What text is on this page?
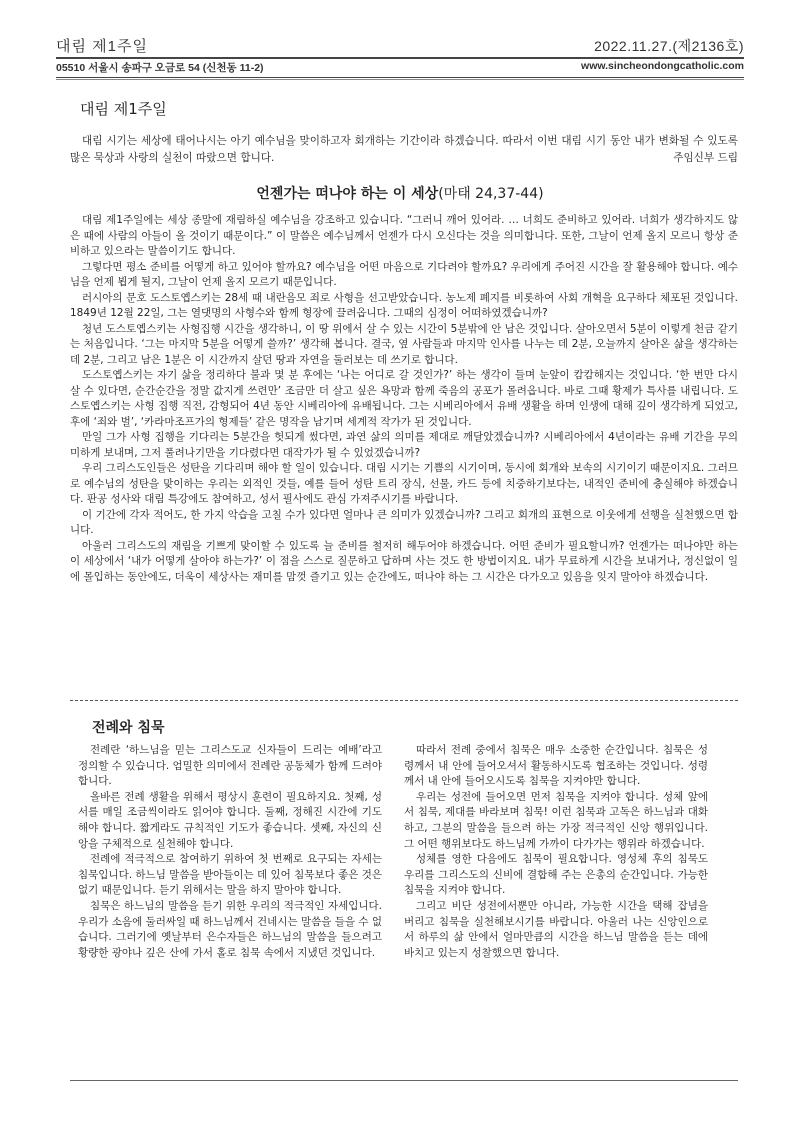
대림 제1주일	2022.11.27.(제2136호)
05510 서울시 송파구 오금로 54 (신천동 11-2)	www.sincheondongcatholic.com
대림 제1주일
대림 시기는 세상에 태어나시는 아기 예수님을 맞이하고자 회개하는 기간이라 하겠습니다. 따라서 이번 대림 시기 동안 내가 변화될 수 있도록 많은 묵상과 사랑의 실천이 따랐으면 합니다.	주임신부 드림
언젠가는 떠나야 하는 이 세상(마태 24,37-44)

대림 제1주일에는 세상 종말에 재림하실 예수님을 강조하고 있습니다. “그러니 깨어 있어라. … 너희도 준비하고 있어라. 너희가 생각하지도 않은 때에 사람의 아들이 올 것이기 때문이다.” 이 말씀은 예수님께서 언젠가 다시 오신다는 것을 의미합니다. 또한, 그날이 언제 올지 모르니 항상 준비하고 있으라는 말씀이기도 합니다.

그렇다면 평소 준비를 어떻게 하고 있어야 할까요? 예수님을 어떤 마음으로 기다려야 할까요? 우리에게 주어진 시간을 잘 활용해야 합니다. 예수님을 언제 뵙게 될지, 그날이 언제 올지 모르기 때문입니다.

러시아의 문호 도스토옙스키는 28세 때 내란음모 죄로 사형을 선고받았습니다. 농노제 폐지를 비롯하여 사회 개혁을 요구하다 체포된 것입니다. 1849년 12월 22일, 그는 열댓명의 사형수와 함께 형장에 끌려옵니다. 그때의 심정이 어떠하였겠습니까?

청년 도스토옙스키는 사형집행 시간을 생각하니, 이 땅 위에서 살 수 있는 시간이 5분밖에 안 남은 것입니다. 살아오면서 5분이 이렇게 천금 같기는 처음입니다. ‘그는 마지막 5분을 어떻게 쓸까?’ 생각해 봅니다. 결국, 옆 사람들과 마지막 인사를 나누는 데 2분, 오늘까지 살아온 삶을 생각하는 데 2분, 그리고 남은 1분은 이 시간까지 살던 땅과 자연을 둘러보는 데 쓰기로 합니다.

도스토옙스키는 자기 삶을 정리하다 불과 몇 분 후에는 ‘나는 어디로 갈 것인가?’ 하는 생각이 들며 눈앞이 캄캄해지는 것입니다. ‘한 번만 다시 살 수 있다면, 순간순간을 정말 값지게 쓰련만’ 조금만 더 살고 싶은 욕망과 함께 죽음의 공포가 몰려옵니다. 바로 그때 황제가 특사를 내립니다. 도스토옙스키는 사형 집행 직전, 감형되어 4년 동안 시베리아에 유배됩니다. 그는 시베리아에서 유배 생활을 하며 인생에 대해 깊이 생각하게 되었고, 후에 ‘죄와 벌’, ‘카라마조프가의 형제들’ 같은 명작을 남기며 세계적 작가가 된 것입니다.

만일 그가 사형 집행을 기다리는 5분간을 헛되게 썼다면, 과연 삶의 의미를 제대로 깨달았겠습니까? 시베리아에서 4년이라는 유배 기간을 무의미하게 보내며, 그저 풀려나기만을 기다렸다면 대작가가 될 수 있었겠습니까?

우리 그리스도인들은 성탄을 기다리며 해야 할 일이 있습니다. 대림 시기는 기쁨의 시기이며, 동시에 회개와 보속의 시기이기 때문이지요. 그러므로 예수님의 성탄을 맞이하는 우리는 외적인 것들, 예를 들어 성탄 트리 장식, 선물, 카드 등에 치중하기보다는, 내적인 준비에 충실해야 하겠습니다. 판공 성사와 대림 특강에도 참여하고, 성서 필사에도 관심 가져주시기를 바랍니다.

이 기간에 각자 적어도, 한 가지 악습을 고칠 수가 있다면 얼마나 큰 의미가 있겠습니까? 그리고 회개의 표현으로 이웃에게 선행을 실천했으면 합니다.

아울러 그리스도의 재림을 기쁘게 맞이할 수 있도록 늘 준비를 철저히 해두어야 하겠습니다. 어떤 준비가 필요할니까? 언젠가는 떠나야만 하는 이 세상에서 ‘내가 어떻게 살아야 하는가?’ 이 점을 스스로 질문하고 답하며 사는 것도 한 방법이지요. 내가 무료하게 시간을 보내거나, 정신없이 일에 몰입하는 동안에도, 더욱이 세상사는 재미를 맘껏 즐기고 있는 순간에도, 떠나야 하는 그 시간은 다가오고 있음을 잊지 말아야 하겠습니다.

전례와 침묵

전례란 ‘하느님을 믿는 그리스도교 신자들이 드리는 예배’라고 정의할 수 있습니다. 엄밀한 의미에서 전례란 공동체가 함께 드려야 합니다.

올바른 전례 생활을 위해서 평상시 훈련이 필요하지요. 첫째, 성서를 매일 조금씩이라도 읽어야 합니다. 둘째, 정해진 시간에 기도해야 합니다. 짧게라도 규칙적인 기도가 좋습니다. 셋째, 자신의 신앙을 구체적으로 실천해야 합니다.

전례에 적극적으로 참여하기 위하여 첫 번째로 요구되는 자세는 침묵입니다. 하느님 말씀을 받아들이는 데 있어 침묵보다 좋은 것은 없기 때문입니다. 듣기 위해서는 말을 하지 말아야 합니다.

침묵은 하느님의 말씀을 듣기 위한 우리의 적극적인 자세입니다. 우리가 소음에 둘러싸일 때 하느님께서 건네시는 말씀을 들을 수 없습니다. 그러기에 옛날부터 은수자들은 하느님의 말씀을 들으려고 황량한 광야나 깊은 산에 가서 홀로 침묵 속에서 지냈던 것입니다.

따라서 전례 중에서 침묵은 매우 소중한 순간입니다. 침묵은 성령께서 내 안에 들어오셔서 활동하시도록 협조하는 것입니다. 성령께서 내 안에 들어오시도록 침묵을 지켜야만 합니다.

우리는 성전에 들어오면 먼저 침묵을 지켜야 합니다. 성체 앞에서 침묵, 제대를 바라보며 침묵! 이런 침묵과 고독은 하느님과 대화하고, 그분의 말씀을 들으려 하는 가장 적극적인 신앙 행위입니다. 그 어떤 행위보다도 하느님께 가까이 다가가는 행위라 하겠습니다.

성체를 영한 다음에도 침묵이 필요합니다. 영성체 후의 침묵도 우리를 그리스도의 신비에 결합해 주는 은총의 순간입니다. 가능한 침묵을 지켜야 합니다.

그리고 비단 성전에서뿐만 아니라, 가능한 시간을 택해 잡념을 버리고 침묵을 실천해보시기를 바랍니다. 아울러 나는 신앙인으로서 하루의 삶 안에서 얼마만큼의 시간을 하느님 말씀을 듣는 데에 바치고 있는지 성찰했으면 합니다.
